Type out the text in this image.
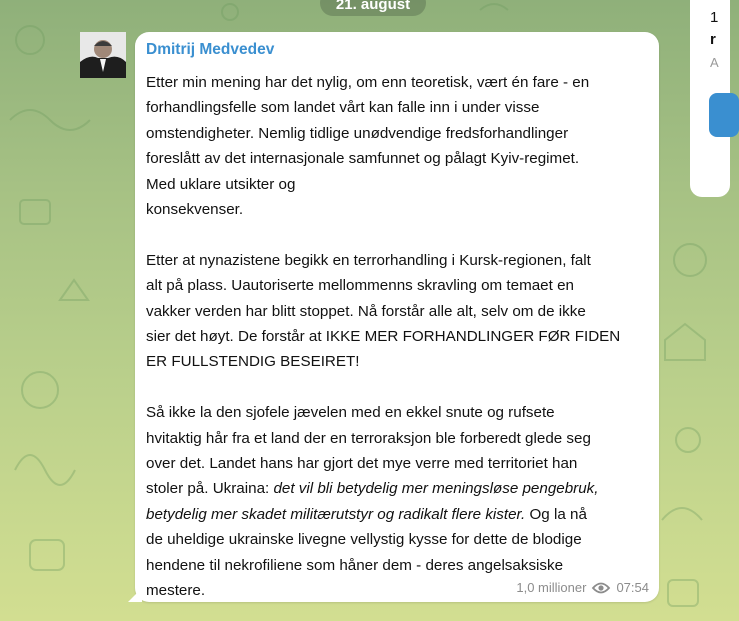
21. august
Dmitrij Medvedev

Etter min mening har det nylig, om enn teoretisk, vært én fare - en
forhandlingsfelle som landet vårt kan falle inn i under visse
omstendigheter. Nemlig tidlige unødvendige fredsforhandlinger
foreslått av det internasjonale samfunnet og pålagt Kyiv-regimet.
Med uklare utsikter og
konsekvenser.

Etter at nynazistene begikk en terrorhandling i Kursk-regionen, falt
alt på plass. Uautoriserte mellommenns skravling om temaet en
vakker verden har blitt stoppet. Nå forstår alle alt, selv om de ikke
sier det høyt. De forstår at IKKE MER FORHANDLINGER FØR FIDEN
ER FULLSTENDIG BESEIRET!

Så ikke la den sjofele jævelen med en ekkel snute og rufsete
hvitaktig hår fra et land der en terroraksjon ble forberedt glede seg
over det. Landet hans har gjort det mye verre med territoriet han
stoler på. Ukraina: det vil bli betydelig mer meningsløse pengebruk,
betydelig mer skadet militærutstyr og radikalt flere kister. Og la nå
de uheldige ukrainske livegne vellystig kysse for dette de blodige
hendene til nekrofiliene som håner dem - deres angelsaksiske
mestere.	1,0 millioner 07:54
1
r
A
